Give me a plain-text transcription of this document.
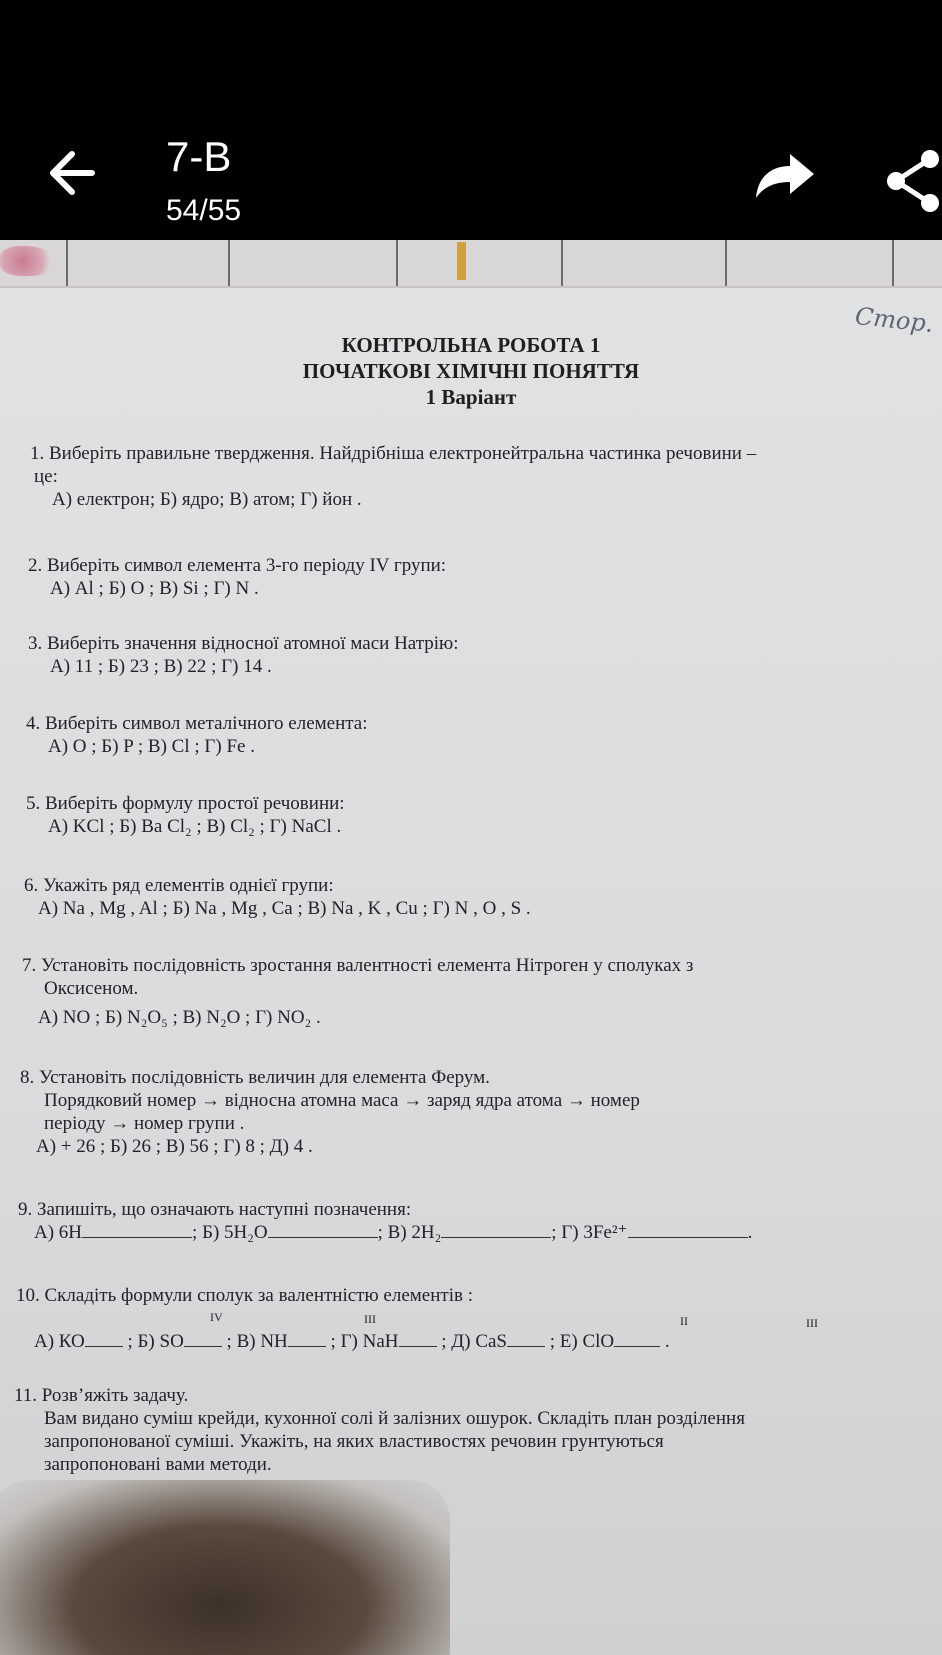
7-В
54/55
Стор.
КОНТРОЛЬНА РОБОТА 1
ПОЧАТКОВІ ХІМІЧНІ ПОНЯТТЯ
1 Варіант
1. Виберіть правильне твердження. Найдрібніша електронейтральна частинка речовини –
це:
А) електрон; Б) ядро; В) атом; Г) йон .
2. Виберіть символ елемента 3-го періоду IV групи:
А) Al ; Б) O ; В) Si ; Г) N .
3. Виберіть значення відносної атомної маси Натрію:
А) 11 ; Б) 23 ; В) 22 ; Г) 14 .
4. Виберіть символ металічного елемента:
А) O ; Б) P ; В) Cl ; Г) Fe .
5. Виберіть формулу простої речовини:
А) KCl ; Б) Ba Cl₂ ; В) Cl₂ ; Г) NaCl .
6. Укажіть ряд елементів однієї групи:
А) Na , Mg , Al ; Б) Na , Mg , Ca ; В) Na , K , Cu ; Г) N , O , S .
7. Установіть послідовність зростання валентності елемента Нітроген у сполуках з
Оксисеном.
А) NO ; Б) N₂O₅ ; В) N₂O ; Г) NO₂ .
8. Установіть послідовність величин для елемента Ферум.
Порядковий номер → відносна атомна маса → заряд ядра атома → номер
періоду → номер групи .
А) + 26 ; Б) 26 ; В) 56 ; Г) 8 ; Д) 4 .
9. Запишіть, що означають наступні позначення:
А) 6Н	; Б) 5Н₂О	; В) 2Н₂	; Г) 3Fe²⁺	.
10. Складіть формули сполук за валентністю елементів :
IV	ІІІ	ІІ	ІІІ
А) КО ; Б) SO ; В) NH ; Г) NaH ; Д) CaS ; Е) ClO .
11. Розв’яжіть задачу.
Вам видано суміш крейди, кухонної солі й залізних ошурок. Складіть план розділення
запропонованої суміші. Укажіть, на яких властивостях речовин грунтуються
запропоновані вами методи.
